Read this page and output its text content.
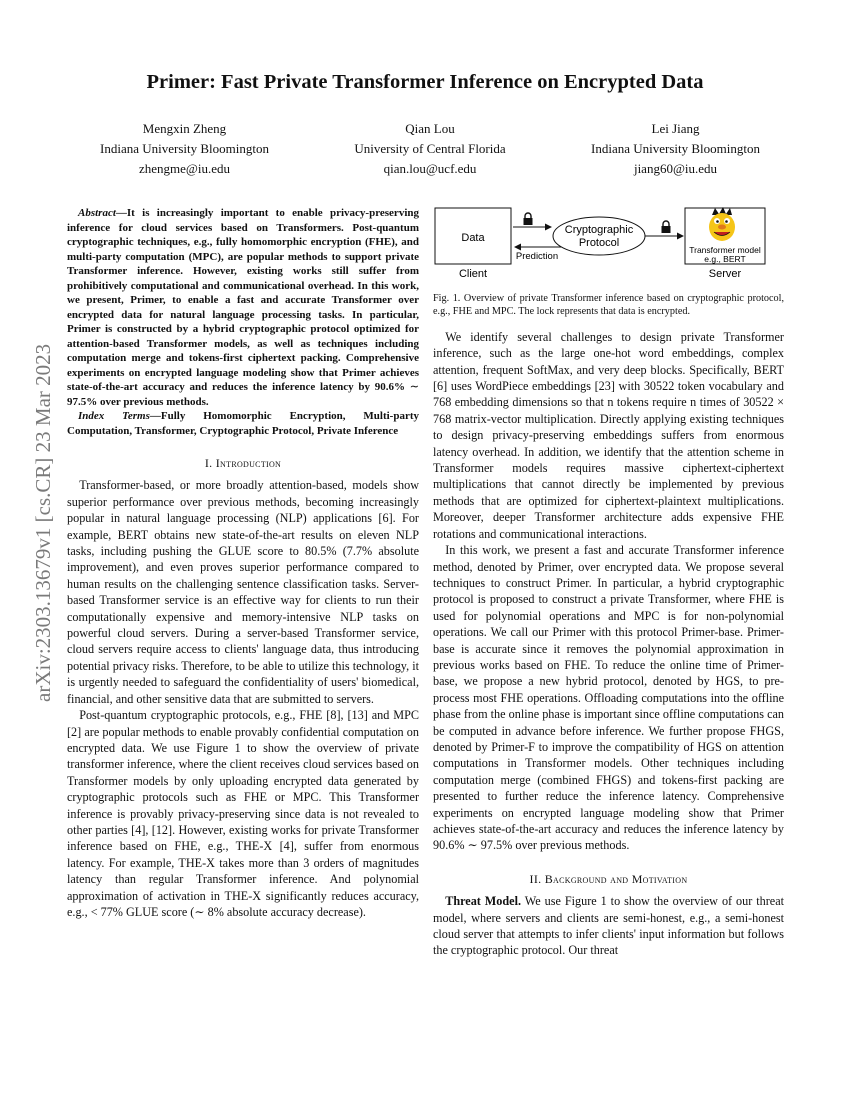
arXiv:2303.13679v1 [cs.CR] 23 Mar 2023
Primer: Fast Private Transformer Inference on Encrypted Data
Mengxin Zheng
Indiana University Bloomington
zhengme@iu.edu
Qian Lou
University of Central Florida
qian.lou@ucf.edu
Lei Jiang
Indiana University Bloomington
jiang60@iu.edu

Abstract—It is increasingly important to enable privacy-preserving inference for cloud services based on Transformers. Post-quantum cryptographic techniques, e.g., fully homomorphic encryption (FHE), and multi-party computation (MPC), are popular methods to support private Transformer inference. However, existing works still suffer from prohibitively computational and communicational overhead. In this work, we present, Primer, to enable a fast and accurate Transformer over encrypted data for natural language processing tasks. In particular, Primer is constructed by a hybrid cryptographic protocol optimized for attention-based Transformer models, as well as techniques including computation merge and tokens-first ciphertext packing. Comprehensive experiments on encrypted language modeling show that Primer achieves state-of-the-art accuracy and reduces the inference latency by 90.6% ∼ 97.5% over previous methods.

Index Terms—Fully Homomorphic Encryption, Multi-party Computation, Transformer, Cryptographic Protocol, Private Inference

I. Introduction

Transformer-based, or more broadly attention-based, models show superior performance over previous methods, becoming increasingly popular in natural language processing (NLP) applications [6]. For example, BERT obtains new state-of-the-art results on eleven NLP tasks, including pushing the GLUE score to 80.5% (7.7% absolute improvement), and even proves superior performance compared to human results on the challenging sentence classification tasks. Server-based Transformer service is an effective way for clients to run their computationally expensive and memory-intensive NLP tasks on powerful cloud servers. During a server-based Transformer service, cloud servers require access to clients' language data, thus introducing potential privacy risks. Therefore, to be able to utilize this technology, it is urgently needed to safeguard the confidentiality of users' biomedical, financial, and other sensitive data that are submitted to servers.

Post-quantum cryptographic protocols, e.g., FHE [8], [13] and MPC [2] are popular methods to enable provably confidential computation on encrypted data. We use Figure 1 to show the overview of private transformer inference, where the client receives cloud services based on Transformer models by only uploading encrypted data generated by cryptographic protocols such as FHE or MPC. This Transformer inference is provably privacy-preserving since data is not revealed to other parties [4], [12]. However, existing works for private Transformer inference based on FHE, e.g., THE-X [4], suffer from enormous latency. For example, THE-X takes more than 3 orders of magnitudes latency than regular Transformer inference. And polynomial approximation of activation in THE-X significantly reduces accuracy, e.g., < 77% GLUE score (∼ 8% absolute accuracy decrease).

Data
Client
Prediction
Cryptographic
Protocol
Transformer model
e.g., BERT
Server

Fig. 1. Overview of private Transformer inference based on cryptographic protocol, e.g., FHE and MPC. The lock represents that data is encrypted.

We identify several challenges to design private Transformer inference, such as the large one-hot word embeddings, complex attention, frequent SoftMax, and very deep blocks. Specifically, BERT [6] uses WordPiece embeddings [23] with 30522 token vocabulary and 768 embedding dimensions so that n tokens require n times of 30522 × 768 matrix-vector multiplication. Directly applying existing techniques to design privacy-preserving embeddings suffers from enormous latency overhead. In addition, we identify that the attention scheme in Transformer models requires massive ciphertext-ciphertext multiplications that cannot directly be implemented by previous methods that are optimized for ciphertext-plaintext multiplications. Moreover, deeper Transformer architecture adds expensive FHE rotations and communicational interactions.

In this work, we present a fast and accurate Transformer inference method, denoted by Primer, over encrypted data. We propose several techniques to construct Primer. In particular, a hybrid cryptographic protocol is proposed to construct a private Transformer, where FHE is used for polynomial operations and MPC is for non-polynomial operations. We call our Primer with this protocol Primer-base. Primer-base is accurate since it removes the polynomial approximation in previous works based on FHE. To reduce the online time of Primer-base, we propose a new hybrid protocol, denoted by HGS, to pre-process most FHE operations. Offloading computations into the offline phase from the online phase is important since offline computations can be computed in advance before inference. We further propose FHGS, denoted by Primer-F to improve the compatibility of HGS on attention computations in Transformer models. Other techniques including computation merge (combined FHGS) and tokens-first packing are presented to further reduce the inference latency. Comprehensive experiments on encrypted language modeling show that Primer achieves state-of-the-art accuracy and reduces the inference latency by 90.6% ∼ 97.5% over previous methods.

II. Background and Motivation

Threat Model. We use Figure 1 to show the overview of our threat model, where servers and clients are semi-honest, e.g., a semi-honest cloud server that attempts to infer clients' input information but follows the cryptographic protocol. Our threat
